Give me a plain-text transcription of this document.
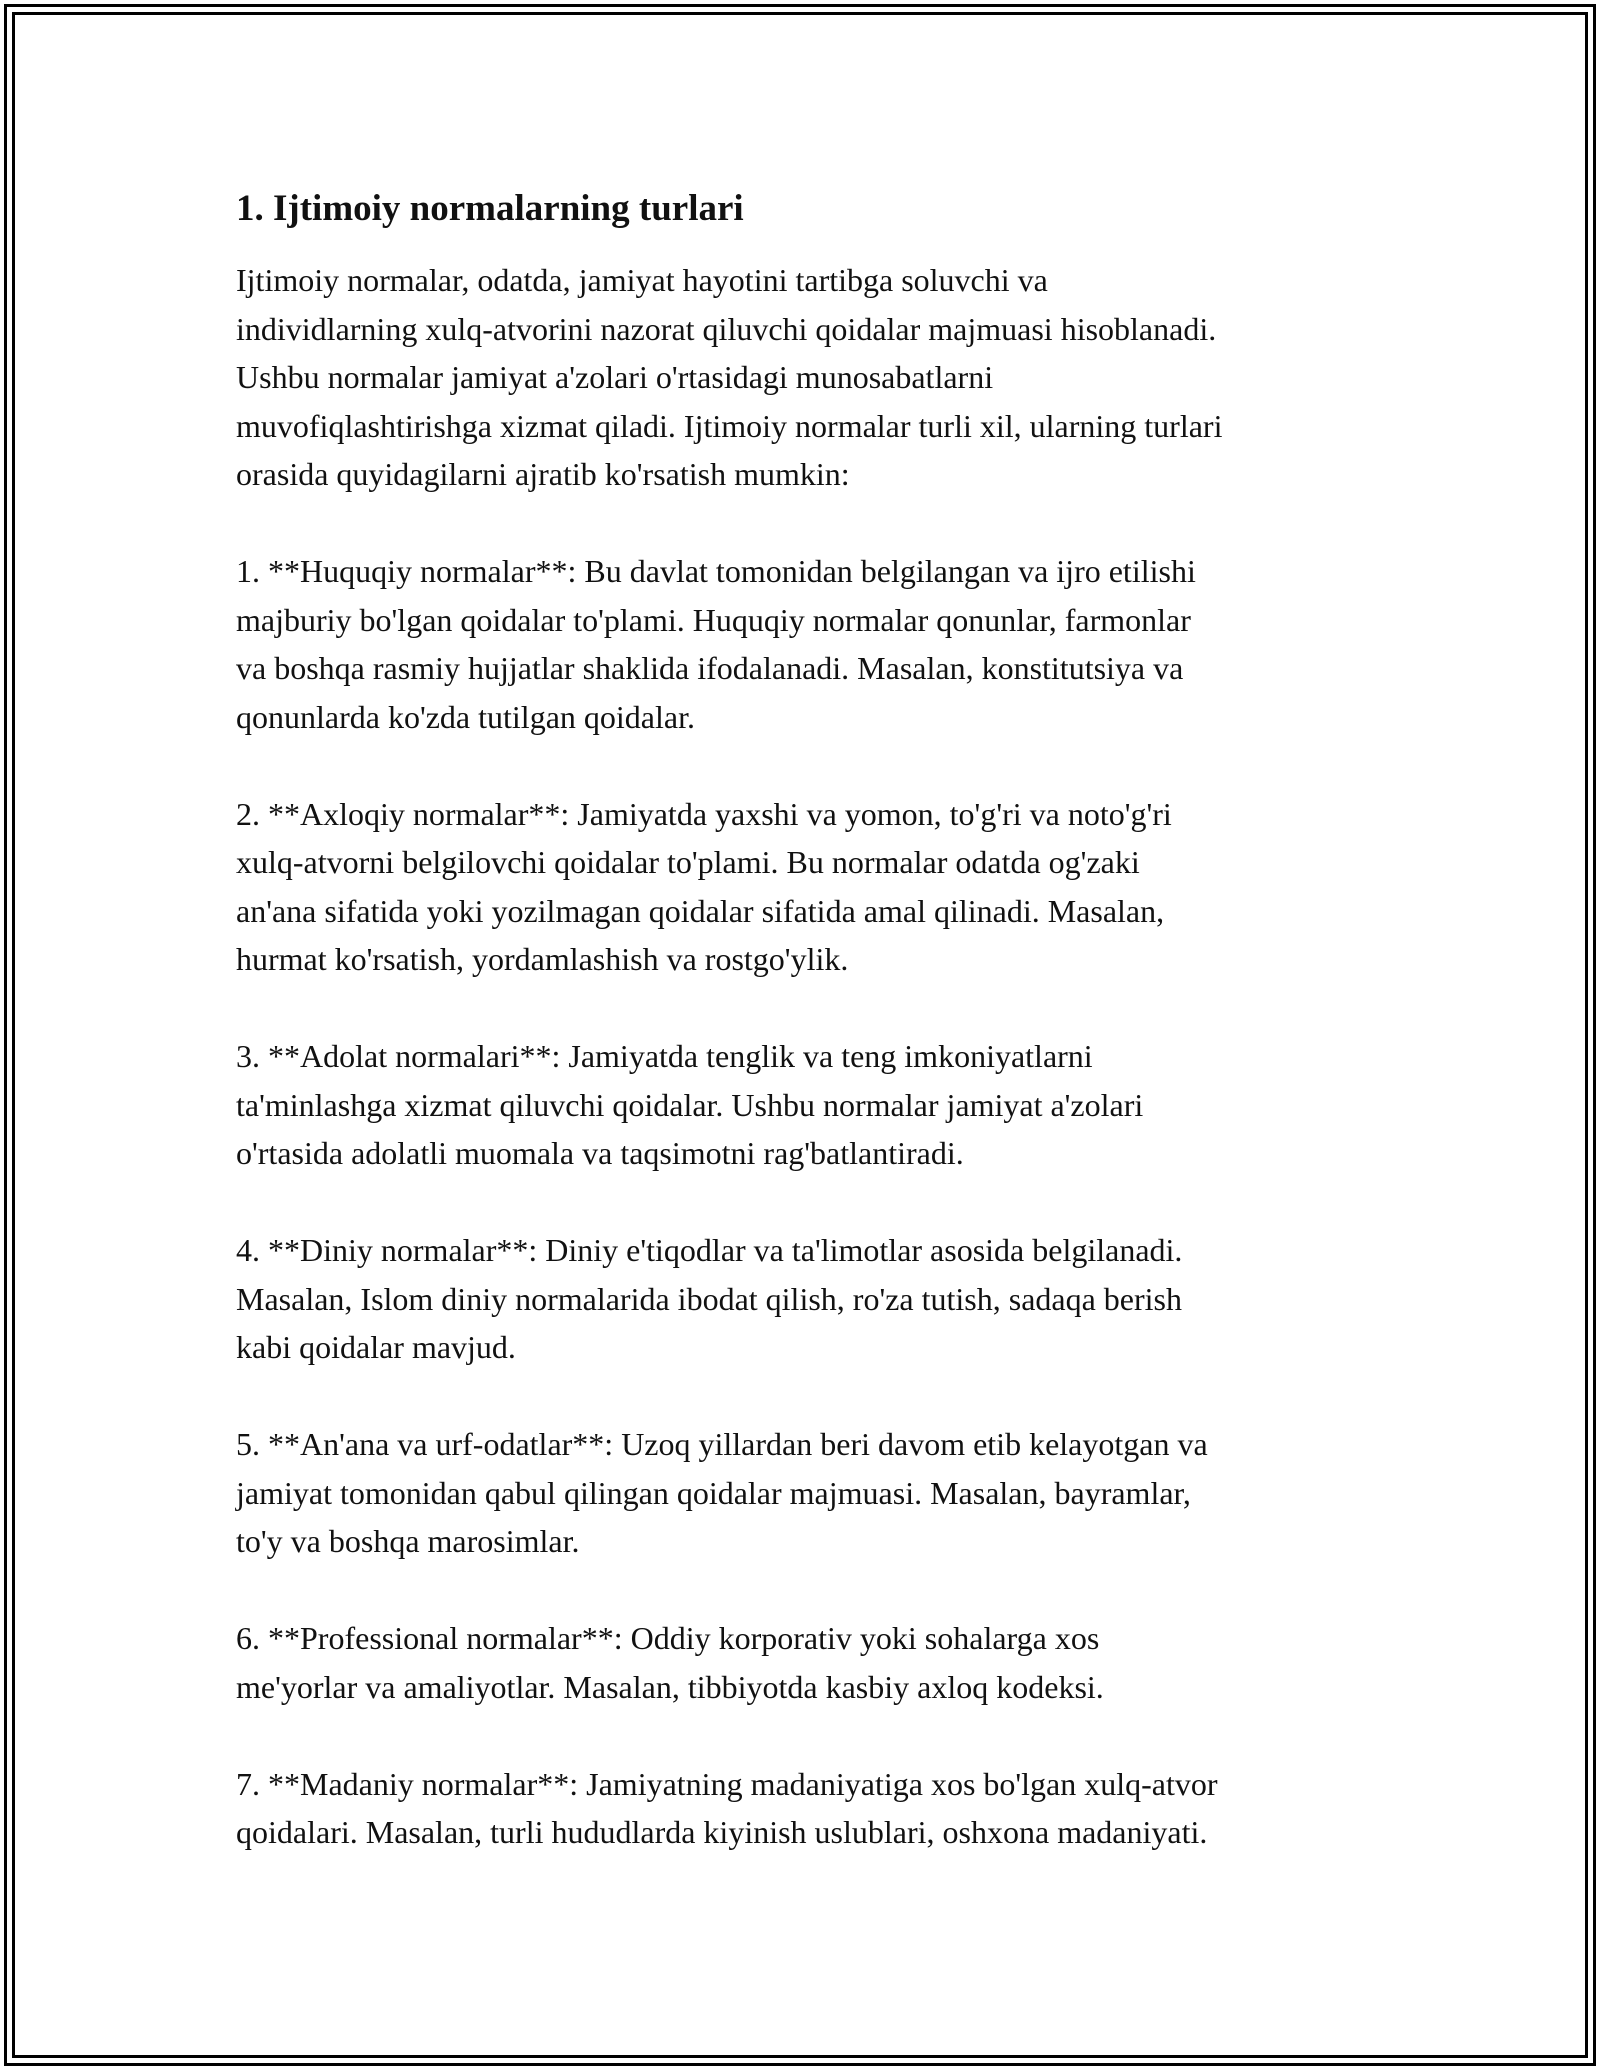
1. Ijtimoiy normalarning turlari

Ijtimoiy normalar, odatda, jamiyat hayotini tartibga soluvchi va
individlarning xulq-atvorini nazorat qiluvchi qoidalar majmuasi hisoblanadi.
Ushbu normalar jamiyat a'zolari o'rtasidagi munosabatlarni
muvofiqlashtirishga xizmat qiladi. Ijtimoiy normalar turli xil, ularning turlari
orasida quyidagilarni ajratib ko'rsatish mumkin:

1. **Huquqiy normalar**: Bu davlat tomonidan belgilangan va ijro etilishi
majburiy bo'lgan qoidalar to'plami. Huquqiy normalar qonunlar, farmonlar
va boshqa rasmiy hujjatlar shaklida ifodalanadi. Masalan, konstitutsiya va
qonunlarda ko'zda tutilgan qoidalar.

2. **Axloqiy normalar**: Jamiyatda yaxshi va yomon, to'g'ri va noto'g'ri
xulq-atvorni belgilovchi qoidalar to'plami. Bu normalar odatda og'zaki
an'ana sifatida yoki yozilmagan qoidalar sifatida amal qilinadi. Masalan,
hurmat ko'rsatish, yordamlashish va rostgo'ylik.

3. **Adolat normalari**: Jamiyatda tenglik va teng imkoniyatlarni
ta'minlashga xizmat qiluvchi qoidalar. Ushbu normalar jamiyat a'zolari
o'rtasida adolatli muomala va taqsimotni rag'batlantiradi.

4. **Diniy normalar**: Diniy e'tiqodlar va ta'limotlar asosida belgilanadi.
Masalan, Islom diniy normalarida ibodat qilish, ro'za tutish, sadaqa berish
kabi qoidalar mavjud.

5. **An'ana va urf-odatlar**: Uzoq yillardan beri davom etib kelayotgan va
jamiyat tomonidan qabul qilingan qoidalar majmuasi. Masalan, bayramlar,
to'y va boshqa marosimlar.

6. **Professional normalar**: Oddiy korporativ yoki sohalarga xos
me'yorlar va amaliyotlar. Masalan, tibbiyotda kasbiy axloq kodeksi.

7. **Madaniy normalar**: Jamiyatning madaniyatiga xos bo'lgan xulq-atvor
qoidalari. Masalan, turli hududlarda kiyinish uslublari, oshxona madaniyati.
